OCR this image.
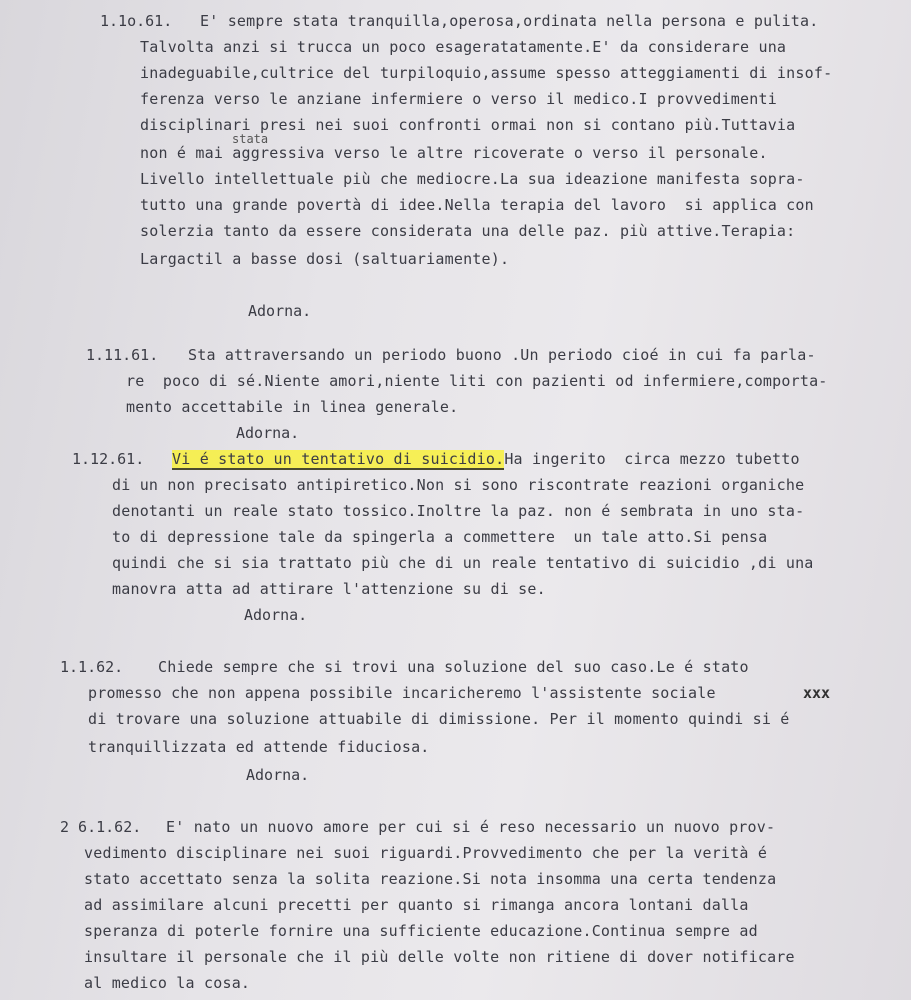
1.1o.61. E' sempre stata tranquilla,operosa,ordinata nella persona e pulita.
Talvolta anzi si trucca un poco esageratatamente.E' da considerare una
inadeguabile,cultrice del turpiloquio,assume spesso atteggiamenti di insof-
ferenza verso le anziane infermiere o verso il medico.I provvedimenti
disciplinari presi nei suoi confronti ormai non si contano più.Tuttavia
stata
non é mai aggressiva verso le altre ricoverate o verso il personale.
Livello intellettuale più che mediocre.La sua ideazione manifesta sopra-
tutto una grande povertà di idee.Nella terapia del lavoro  si applica con
solerzia tanto da essere considerata una delle paz. più attive.Terapia:
Largactil a basse dosi (saltuariamente).
Adorna.
1.11.61. Sta attraversando un periodo buono .Un periodo cioé in cui fa parla-
re  poco di sé.Niente amori,niente liti con pazienti od infermiere,comporta-
mento accettabile in linea generale.
Adorna.
1.12.61. Vi é stato un tentativo di suicidio.Ha ingerito  circa mezzo tubetto
di un non precisato antipiretico.Non si sono riscontrate reazioni organiche
denotanti un reale stato tossico.Inoltre la paz. non é sembrata in uno sta-
to di depressione tale da spingerla a commettere  un tale atto.Si pensa
quindi che si sia trattato più che di un reale tentativo di suicidio ,di una
manovra atta ad attirare l'attenzione su di se.
Adorna.
1.1.62. Chiede sempre che si trovi una soluzione del suo caso.Le é stato
promesso che non appena possibile incaricheremo l'assistente sociale	xxx
di trovare una soluzione attuabile di dimissione. Per il momento quindi si é
tranquillizzata ed attende fiduciosa.
Adorna.
2 6.1.62. E' nato un nuovo amore per cui si é reso necessario un nuovo prov-
vedimento disciplinare nei suoi riguardi.Provvedimento che per la verità é
stato accettato senza la solita reazione.Si nota insomma una certa tendenza
ad assimilare alcuni precetti per quanto si rimanga ancora lontani dalla
speranza di poterle fornire una sufficiente educazione.Continua sempre ad
insultare il personale che il più delle volte non ritiene di dover notificare
al medico la cosa.
